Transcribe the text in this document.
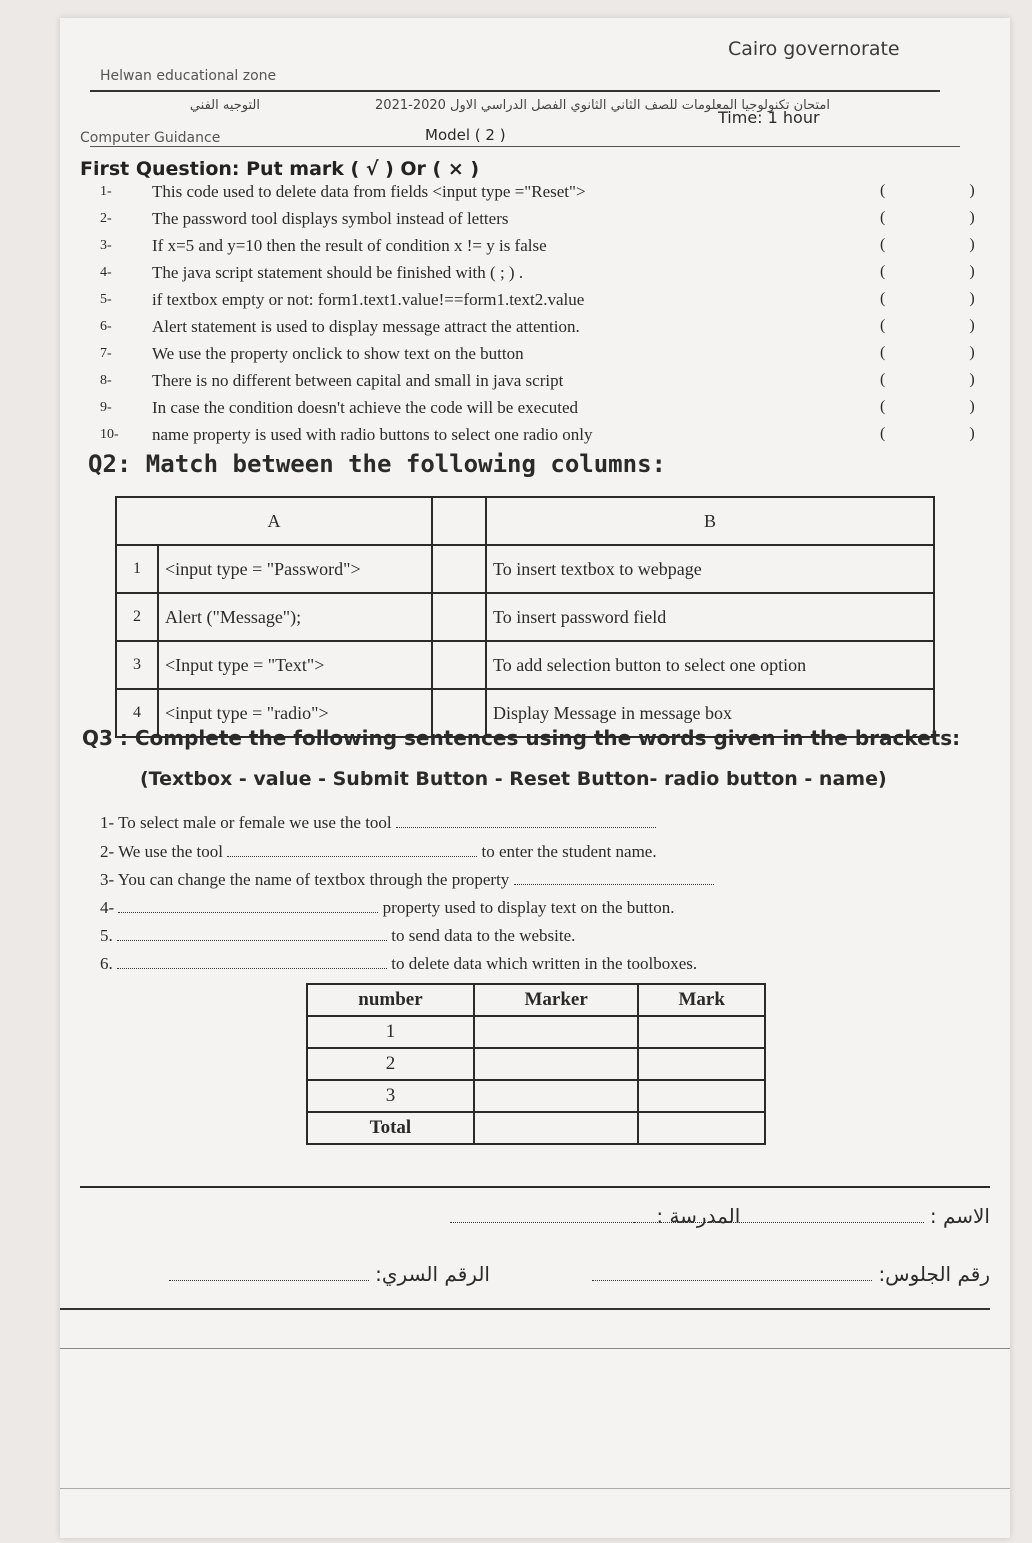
Cairo governorate
Helwan educational zone
التوجيه الفني	امتحان تكنولوجيا المعلومات للصف الثاني الثانوي الفصل الدراسي الاول 2020-2021
Time: 1 hour
Computer Guidance	Model ( 2 )
First Question: Put mark ( √ ) Or ( × )
1- This code used to delete data from fields <input type ="Reset">	( )
2- The password tool displays symbol instead of letters	( )
3- If x=5 and y=10 then the result of condition x != y is false	( )
4- The java script statement should be finished with ( ; ) .	( )
5- if textbox empty or not: form1.text1.value!==form1.text2.value	( )
6- Alert statement is used to display message attract the attention.	( )
7- We use the property onclick to show text on the button	( )
8- There is no different between capital and small in java script	( )
9- In case the condition doesn't achieve the code will be executed	( )
10- name property is used with radio buttons to select one radio only	( )
Q2: Match between the following columns:
A			B
1	<input type = "Password">		To insert textbox to webpage
2	Alert ("Message");		To insert password field
3	<Input type = "Text">		To add selection button to select one option
4	<input type = "radio">		Display Message in message box
Q3 : Complete the following sentences using the words given in the brackets:
(Textbox - value - Submit Button - Reset Button- radio button - name)
1- To select male or female we use the tool
2- We use the tool	to enter the student name.
3- You can change the name of textbox through the property
4-	property used to display text on the button.
5.	to send data to the website.
6.	to delete data which written in the toolboxes.
number	Marker	Mark
1		
2		
3		
Total		
المدرسة :	الاسم :
الرقم السري:	رقم الجلوس:
